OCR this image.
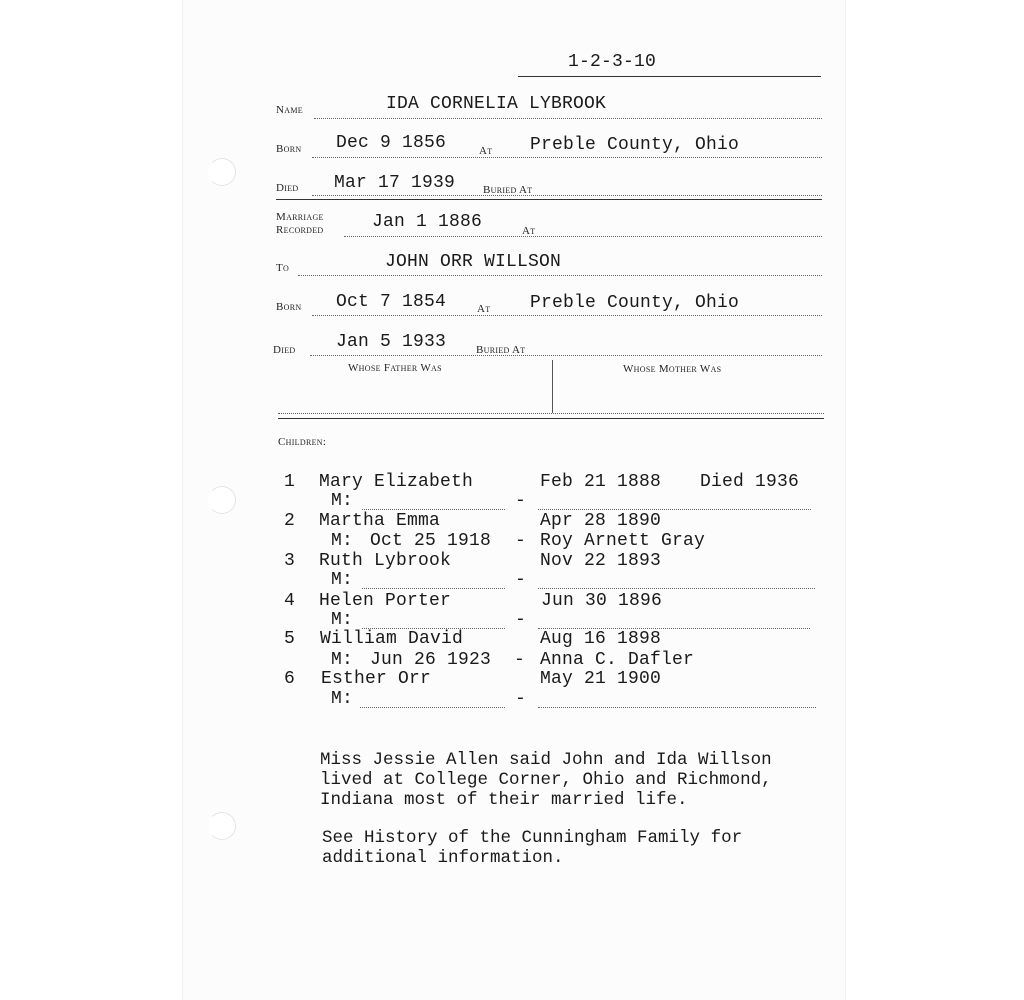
1-2-3-10
Name	IDA CORNELIA LYBROOK
Born Dec 9 1856	At Preble County, Ohio
Died Mar 17 1939	Buried At
Marriage
Recorded	Jan 1 1886	At
To	JOHN ORR WILLSON
Born Oct 7 1854	At Preble County, Ohio
Died Jan 5 1933	Buried At
Whose Father Was	Whose Mother Was
Children:
1 Mary Elizabeth	Feb 21 1888 Died 1936
M:	-
2 Martha Emma	Apr 28 1890
M: Oct 25 1918 - Roy Arnett Gray
3 Ruth Lybrook	Nov 22 1893
M:	-
4 Helen Porter	Jun 30 1896
M:	-
5 William David	Aug 16 1898
M: Jun 26 1923 - Anna C. Dafler
6 Esther Orr	May 21 1900
M:	-
Miss Jessie Allen said John and Ida Willson
lived at College Corner, Ohio and Richmond,
Indiana most of their married life.
See History of the Cunningham Family for
additional information.
